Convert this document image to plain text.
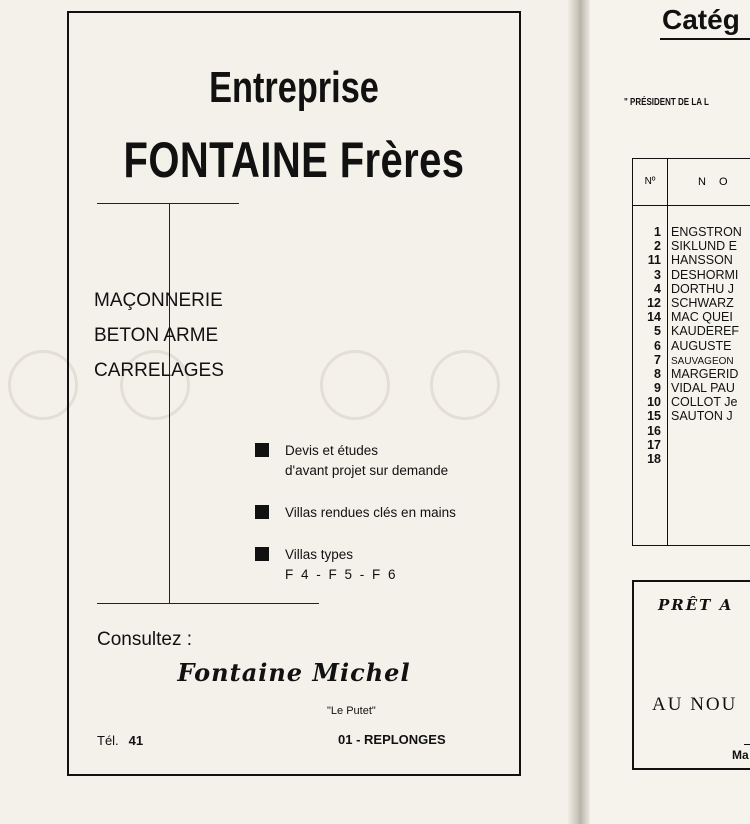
Entreprise
FONTAINE Frères
MAÇONNERIE
BETON ARME
CARRELAGES
Devis et études
d'avant projet sur demande
Villas rendues clés en mains
Villas types
F 4 - F 5 - F 6
Consultez :
Fontaine Michel
"Le Putet"
Tél. 41	01 - REPLONGES
Catég
" PRÉSIDENT DE LA L
Nº	N O
1 ENGSTRON
2 SIKLUND E
11 HANSSON
3 DESHORMI
4 DORTHU J
12 SCHWARZ
14 MAC QUEI
5 KAUDEREF
6 AUGUSTE
7 SAUVAGEON
8 MARGERID
9 VIDAL PAU
10 COLLOT Je
15 SAUTON J
16
17
18
PRÊT A
AU NOU
Ma
